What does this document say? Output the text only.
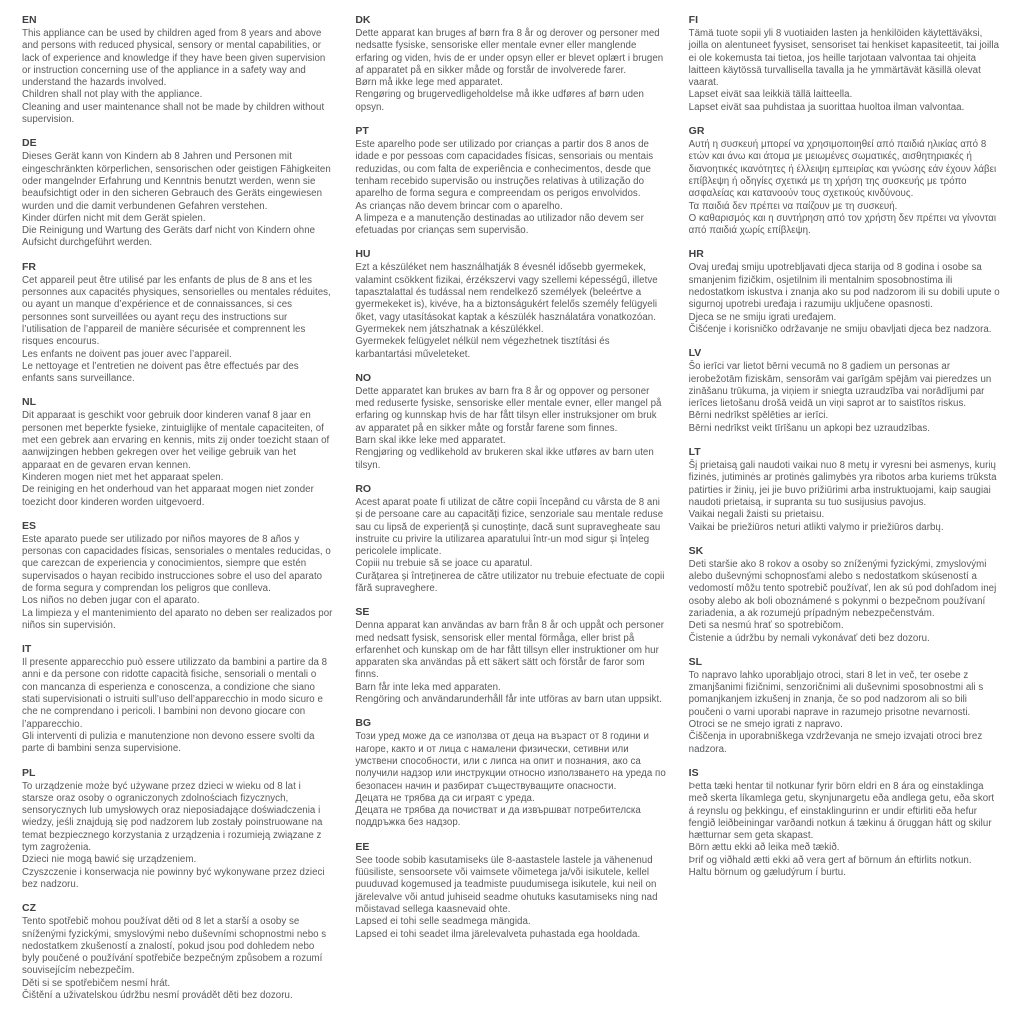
EN

This appliance can be used by children aged from 8 years and above and persons with reduced physical, sensory or mental capabilities, or lack of experience and knowledge if they have been given supervision or instruction concerning use of the appliance in a safety way and understand the hazards involved.

Children shall not play with the appliance.

Cleaning and user maintenance shall not be made by children without supervision.

DE

Dieses Gerät kann von Kindern ab 8 Jahren und Personen mit eingeschränkten körperlichen, sensorischen oder geistigen Fähigkeiten oder mangelnder Erfahrung und Kenntnis benutzt werden, wenn sie beaufsichtigt oder in den sicheren Gebrauch des Geräts eingewiesen wurden und die damit verbundenen Gefahren verstehen.

Kinder dürfen nicht mit dem Gerät spielen.

Die Reinigung und Wartung des Geräts darf nicht von Kindern ohne Aufsicht durchgeführt werden.

FR

Cet appareil peut être utilisé par les enfants de plus de 8 ans et les personnes aux capacités physiques, sensorielles ou mentales réduites, ou ayant un manque d’expérience et de connaissances, si ces personnes sont surveillées ou ayant reçu des instructions sur l’utilisation de l’appareil de manière sécurisée et comprennent les risques encourus.

Les enfants ne doivent pas jouer avec l’appareil.

Le nettoyage et l’entretien ne doivent pas être effectués par des enfants sans surveillance.

NL

Dit apparaat is geschikt voor gebruik door kinderen vanaf 8 jaar en personen met beperkte fysieke, zintuiglijke of mentale capaciteiten, of met een gebrek aan ervaring en kennis, mits zij onder toezicht staan of aanwijzingen hebben gekregen over het veilige gebruik van het apparaat en de gevaren ervan kennen.

Kinderen mogen niet met het apparaat spelen.

De reiniging en het onderhoud van het apparaat mogen niet zonder toezicht door kinderen worden uitgevoerd.

ES

Este aparato puede ser utilizado por niños mayores de 8 años y personas con capacidades físicas, sensoriales o mentales reducidas, o que carezcan de experiencia y conocimientos, siempre que estén supervisados o hayan recibido instrucciones sobre el uso del aparato de forma segura y comprendan los peligros que conlleva.

Los niños no deben jugar con el aparato.

La limpieza y el mantenimiento del aparato no deben ser realizados por niños sin supervisión.

IT

Il presente apparecchio può essere utilizzato da bambini a partire da 8 anni e da persone con ridotte capacità fisiche, sensoriali o mentali o con mancanza di esperienza e conoscenza, a condizione che siano stati supervisionati o istruiti sull’uso dell’apparecchio in modo sicuro e che ne comprendano i pericoli. I bambini non devono giocare con l’apparecchio.

Gli interventi di pulizia e manutenzione non devono essere svolti da parte di bambini senza supervisione.

PL

To urządzenie może być używane przez dzieci w wieku od 8 lat i starsze oraz osoby o ograniczonych zdolnościach fizycznych, sensorycznych lub umysłowych oraz nieposiadające doświadczenia i wiedzy, jeśli znajdują się pod nadzorem lub zostały poinstruowane na temat bezpiecznego korzystania z urządzenia i rozumieją związane z tym zagrożenia.

Dzieci nie mogą bawić się urządzeniem.

Czyszczenie i konserwacja nie powinny być wykonywane przez dzieci bez nadzoru.

CZ

Tento spotřebič mohou používat děti od 8 let a starší a osoby se sníženými fyzickými, smyslovými nebo duševními schopnostmi nebo s nedostatkem zkušeností a znalostí, pokud jsou pod dohledem nebo byly poučené o používání spotřebiče bezpečným způsobem a rozumí souvisejícím nebezpečím.

Děti si se spotřebičem nesmí hrát.

Čištění a uživatelskou údržbu nesmí provádět děti bez dozoru.

DK

Dette apparat kan bruges af børn fra 8 år og derover og personer med nedsatte fysiske, sensoriske eller mentale evner eller manglende erfaring og viden, hvis de er under opsyn eller er blevet oplært i brugen af apparatet på en sikker måde og forstår de involverede farer.

Børn må ikke lege med apparatet.

Rengøring og brugervedligeholdelse må ikke udføres af børn uden opsyn.

PT

Este aparelho pode ser utilizado por crianças a partir dos 8 anos de idade e por pessoas com capacidades físicas, sensoriais ou mentais reduzidas, ou com falta de experiência e conhecimentos, desde que tenham recebido supervisão ou instruções relativas à utilização do aparelho de forma segura e compreendam os perigos envolvidos.

As crianças não devem brincar com o aparelho.

A limpeza e a manutenção destinadas ao utilizador não devem ser efetuadas por crianças sem supervisão.

HU

Ezt a készüléket nem használhatják 8 évesnél idősebb gyermekek, valamint csökkent fizikai, érzékszervi vagy szellemi képességű, illetve tapasztalattal és tudással nem rendelkező személyek (beleértve a gyermekeket is), kivéve, ha a biztonságukért felelős személy felügyeli őket, vagy utasításokat kaptak a készülék használatára vonatkozóan.

Gyermekek nem játszhatnak a készülékkel.

Gyermekek felügyelet nélkül nem végezhetnek tisztítási és karbantartási műveleteket.

NO

Dette apparatet kan brukes av barn fra 8 år og oppover og personer med reduserte fysiske, sensoriske eller mentale evner, eller mangel på erfaring og kunnskap hvis de har fått tilsyn eller instruksjoner om bruk av apparatet på en sikker måte og forstår farene som finnes.

Barn skal ikke leke med apparatet.

Rengjøring og vedlikehold av brukeren skal ikke utføres av barn uten tilsyn.

RO

Acest aparat poate fi utilizat de către copii începând cu vârsta de 8 ani și de persoane care au capacități fizice, senzoriale sau mentale reduse sau cu lipsă de experiență și cunoștințe, dacă sunt supravegheate sau instruite cu privire la utilizarea aparatului într-un mod sigur și înțeleg pericolele implicate.

Copiii nu trebuie să se joace cu aparatul.

Curățarea și întreținerea de către utilizator nu trebuie efectuate de copii fără supraveghere.

SE

Denna apparat kan användas av barn från 8 år och uppåt och personer med nedsatt fysisk, sensorisk eller mental förmåga, eller brist på erfarenhet och kunskap om de har fått tillsyn eller instruktioner om hur apparaten ska användas på ett säkert sätt och förstår de faror som finns.

Barn får inte leka med apparaten.

Rengöring och användarunderhåll får inte utföras av barn utan uppsikt.

BG

Този уред може да се използва от деца на възраст от 8 години и нагоре, както и от лица с намалени физически, сетивни или умствени способности, или с липса на опит и познания, ако са получили надзор или инструкции относно използването на уреда по безопасен начин и разбират съществуващите опасности.

Децата не трябва да си играят с уреда.

Децата не трябва да почистват и да извършват потребителска поддръжка без надзор.

EE

See toode sobib kasutamiseks üle 8-aastastele lastele ja vähenenud füüsiliste, sensoorsete või vaimsete võimetega ja/või isikutele, kellel puuduvad kogemused ja teadmiste puudumisega isikutele, kui neil on järelevalve või antud juhiseid seadme ohutuks kasutamiseks ning nad mõistavad sellega kaasnevaid ohte.

Lapsed ei tohi selle seadmega mängida.

Lapsed ei tohi seadet ilma järelevalveta puhastada ega hooldada.

FI

Tämä tuote sopii yli 8 vuotiaiden lasten ja henkilöiden käytettäväksi, joilla on alentuneet fyysiset, sensoriset tai henkiset kapasiteetit, tai joilla ei ole kokemusta tai tietoa, jos heille tarjotaan valvontaa tai ohjeita laitteen käytössä turvallisella tavalla ja he ymmärtävät käsillä olevat vaarat.

Lapset eivät saa leikkiä tällä laitteella.

Lapset eivät saa puhdistaa ja suorittaa huoltoa ilman valvontaa.

GR

Αυτή η συσκευή μπορεί να χρησιμοποιηθεί από παιδιά ηλικίας από 8 ετών και άνω και άτομα με μειωμένες σωματικές, αισθητηριακές ή διανοητικές ικανότητες ή έλλειψη εμπειρίας και γνώσης εάν έχουν λάβει επίβλεψη ή οδηγίες σχετικά με τη χρήση της συσκευής με τρόπο ασφαλείας και κατανοούν τους σχετικούς κινδύνους.

Τα παιδιά δεν πρέπει να παίζουν με τη συσκευή.

Ο καθαρισμός και η συντήρηση από τον χρήστη δεν πρέπει να γίνονται από παιδιά χωρίς επίβλεψη.

HR

Ovaj uređaj smiju upotrebljavati djeca starija od 8 godina i osobe sa smanjenim fizičkim, osjetilnim ili mentalnim sposobnostima ili nedostatkom iskustva i znanja ako su pod nadzorom ili su dobili upute o sigurnoj upotrebi uređaja i razumiju uključene opasnosti.

Djeca se ne smiju igrati uređajem.

Čišćenje i korisničko održavanje ne smiju obavljati djeca bez nadzora.

LV

Šo ierīci var lietot bērni vecumā no 8 gadiem un personas ar ierobežotām fiziskām, sensorām vai garīgām spējām vai pieredzes un zināšanu trūkuma, ja viņiem ir sniegta uzraudzība vai norādījumi par ierīces lietošanu drošā veidā un viņi saprot ar to saistītos riskus.

Bērni nedrīkst spēlēties ar ierīci.

Bērni nedrīkst veikt tīrīšanu un apkopi bez uzraudzības.

LT

Šį prietaisą gali naudoti vaikai nuo 8 metų ir vyresni bei asmenys, kurių fizinės, jutiminės ar protinės galimybės yra ribotos arba kuriems trūksta patirties ir žinių, jei jie buvo prižiūrimi arba instruktuojami, kaip saugiai naudoti prietaisą, ir supranta su tuo susijusius pavojus.

Vaikai negali žaisti su prietaisu.

Vaikai be priežiūros neturi atlikti valymo ir priežiūros darbų.

SK

Deti staršie ako 8 rokov a osoby so zníženými fyzickými, zmyslovými alebo duševnými schopnosťami alebo s nedostatkom skúseností a vedomostí môžu tento spotrebič používať, len ak sú pod dohľadom inej osoby alebo ak boli oboznámené s pokynmi o bezpečnom používaní zariadenia, a ak rozumejú prípadným nebezpečenstvám.

Deti sa nesmú hrať so spotrebičom.

Čistenie a údržbu by nemali vykonávať deti bez dozoru.

SL

To napravo lahko uporabljajo otroci, stari 8 let in več, ter osebe z zmanjšanimi fizičnimi, senzoričnimi ali duševnimi sposobnostmi ali s pomanjkanjem izkušenj in znanja, če so pod nadzorom ali so bili poučeni o varni uporabi naprave in razumejo prisotne nevarnosti.

Otroci se ne smejo igrati z napravo.

Čiščenja in uporabniškega vzdrževanja ne smejo izvajati otroci brez nadzora.

IS

Þetta tæki hentar til notkunar fyrir börn eldri en 8 ára og einstaklinga með skerta líkamlega getu, skynjunargetu eða andlega getu, eða skort á reynslu og þekkingu, ef einstaklingurinn er undir eftirliti eða hefur fengið leiðbeiningar varðandi notkun á tækinu á öruggan hátt og skilur hætturnar sem geta skapast.

Börn ættu ekki að leika með tækið.

Þrif og viðhald ætti ekki að vera gert af börnum án eftirlits notkun.

Haltu börnum og gæludýrum í burtu.
